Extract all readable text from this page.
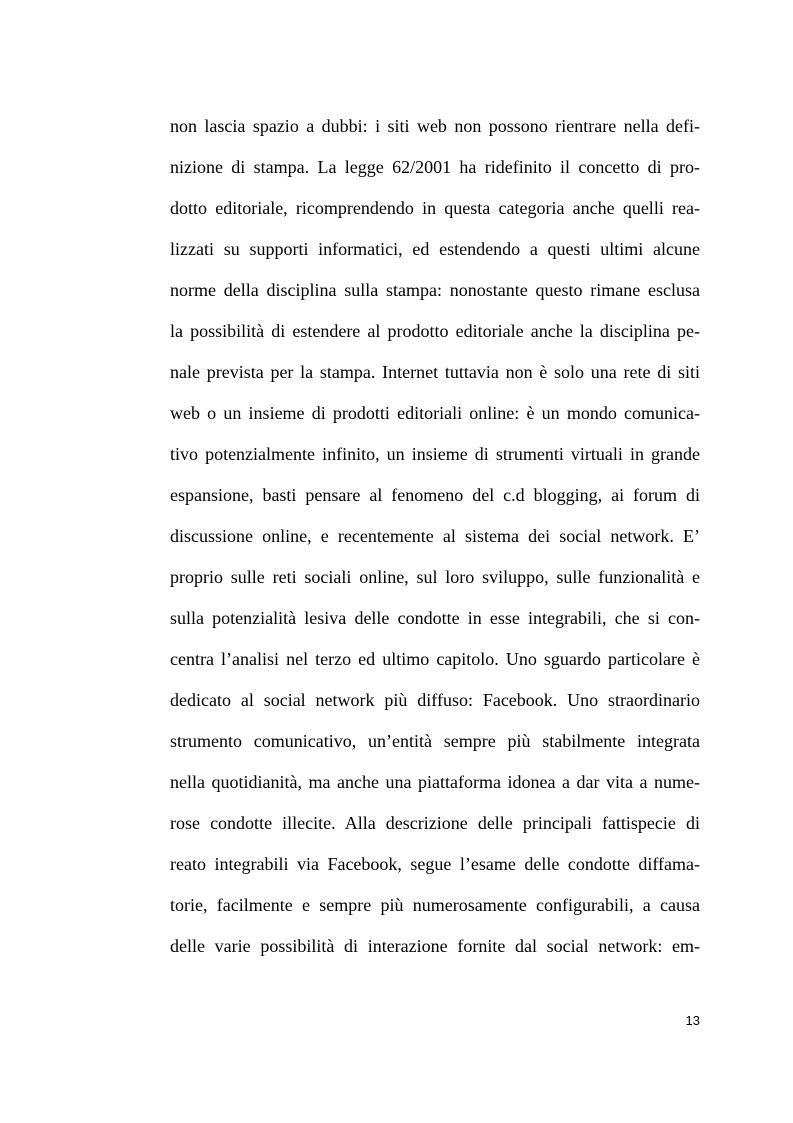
non lascia spazio a dubbi: i siti web non possono rientrare nella defi-
nizione di stampa. La legge 62/2001 ha ridefinito il concetto di pro-
dotto editoriale, ricomprendendo in questa categoria anche quelli rea-
lizzati su supporti informatici, ed estendendo a questi ultimi alcune
norme della disciplina sulla stampa: nonostante questo rimane esclusa
la possibilità di estendere al prodotto editoriale anche la disciplina pe-
nale prevista per la stampa. Internet tuttavia non è solo una rete di siti
web o un insieme di prodotti editoriali online: è un mondo comunica-
tivo potenzialmente infinito, un insieme di strumenti virtuali in grande
espansione, basti pensare al fenomeno del c.d blogging, ai forum di
discussione online, e recentemente al sistema dei social network. E’
proprio sulle reti sociali online, sul loro sviluppo, sulle funzionalità e
sulla potenzialità lesiva delle condotte in esse integrabili, che si con-
centra l’analisi nel terzo ed ultimo capitolo. Uno sguardo particolare è
dedicato al social network più diffuso: Facebook. Uno straordinario
strumento comunicativo, un’entità sempre più stabilmente integrata
nella quotidianità, ma anche una piattaforma idonea a dar vita a nume-
rose condotte illecite. Alla descrizione delle principali fattispecie di
reato integrabili via Facebook, segue l’esame delle condotte diffama-
torie, facilmente e sempre più numerosamente configurabili, a causa
delle varie possibilità di interazione fornite dal social network: em-
13
